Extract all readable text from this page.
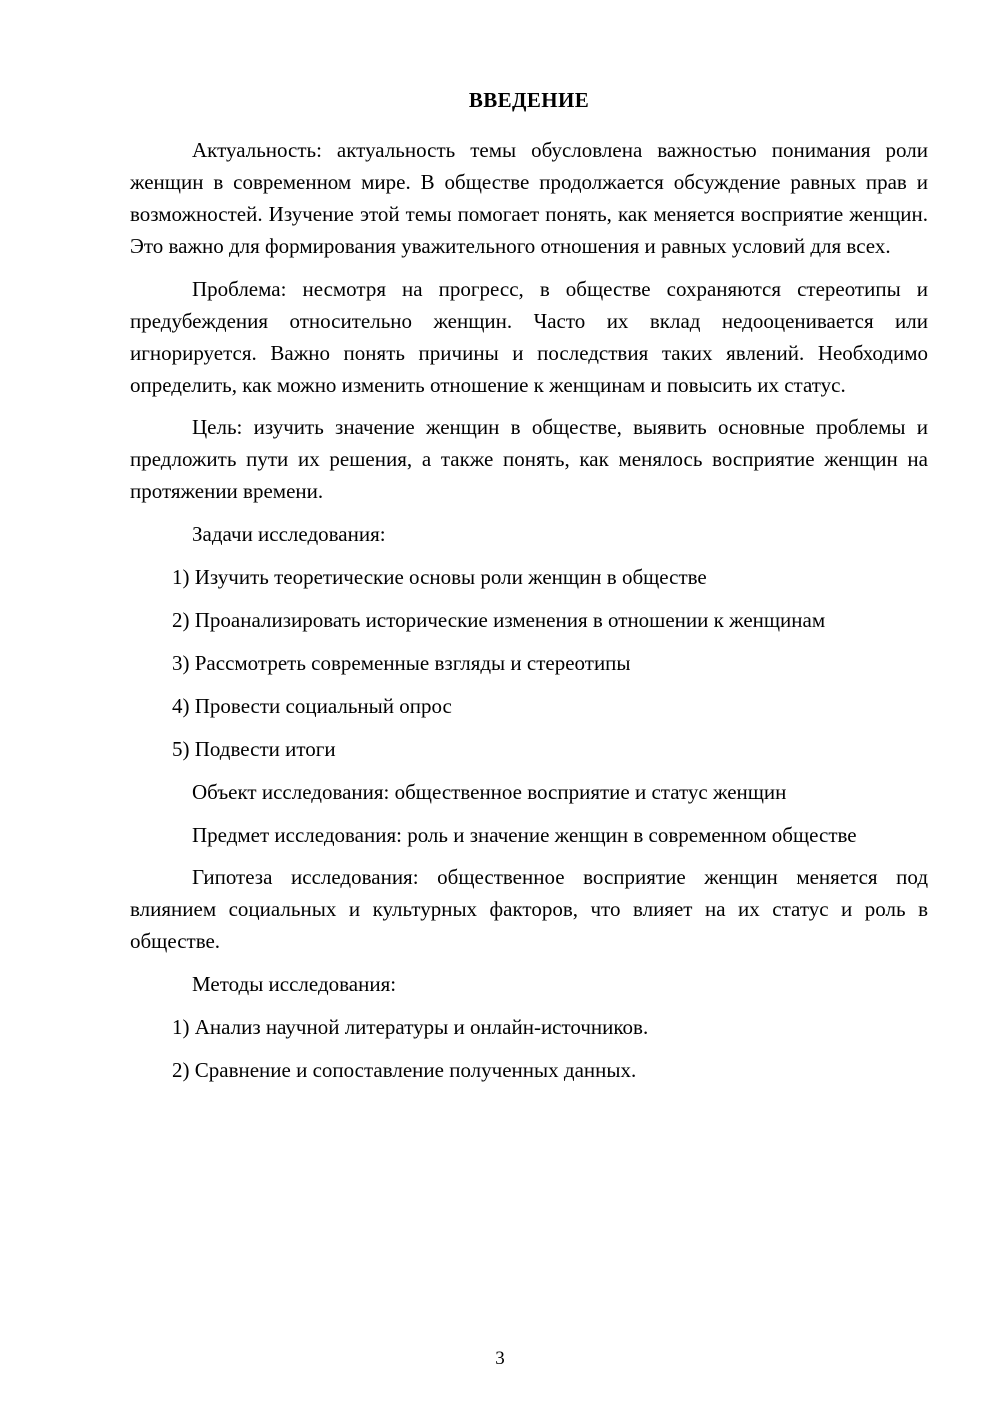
ВВЕДЕНИЕ

Актуальность: актуальность темы обусловлена важностью понимания роли женщин в современном мире. В обществе продолжается обсуждение равных прав и возможностей. Изучение этой темы помогает понять, как меняется восприятие женщин. Это важно для формирования уважительного отношения и равных условий для всех.

Проблема: несмотря на прогресс, в обществе сохраняются стереотипы и предубеждения относительно женщин. Часто их вклад недооценивается или игнорируется. Важно понять причины и последствия таких явлений. Необходимо определить, как можно изменить отношение к женщинам и повысить их статус.

Цель: изучить значение женщин в обществе, выявить основные проблемы и предложить пути их решения, а также понять, как менялось восприятие женщин на протяжении времени.

Задачи исследования:

1) Изучить теоретические основы роли женщин в обществе

2) Проанализировать исторические изменения в отношении к женщинам

3) Рассмотреть современные взгляды и стереотипы

4) Провести социальный опрос

5) Подвести итоги

Объект исследования: общественное восприятие и статус женщин

Предмет исследования: роль и значение женщин в современном обществе

Гипотеза исследования: общественное восприятие женщин меняется под влиянием социальных и культурных факторов, что влияет на их статус и роль в обществе.

Методы исследования:

1) Анализ научной литературы и онлайн-источников.

2) Сравнение и сопоставление полученных данных.

3
